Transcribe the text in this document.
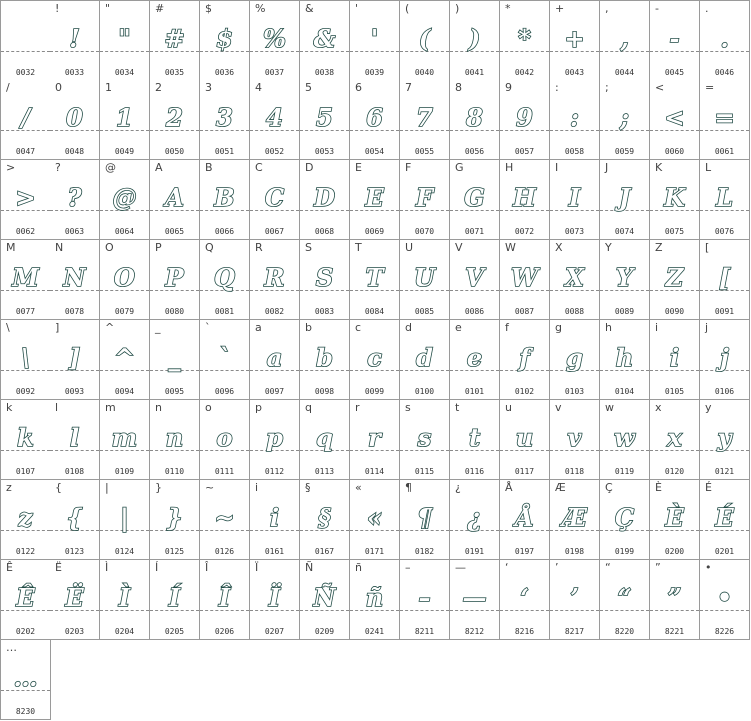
0032
!
!
0033
"
"
0034
#
#
0035
$
$
0036
%
%
0037
&
&
0038
'
'
0039
(
(
0040
)
)
0041
*
*
0042
+
+
0043
,
,
0044
-
-
0045
.
.
0046
/
/
0047
0
0
0048
1
1
0049
2
2
0050
3
3
0051
4
4
0052
5
5
0053
6
6
0054
7
7
0055
8
8
0056
9
9
0057
:
:
0058
;
;
0059
<
<
0060
=
=
0061
>
>
0062
?
?
0063
@
@
0064
A
A
0065
B
B
0066
C
C
0067
D
D
0068
E
E
0069
F
F
0070
G
G
0071
H
H
0072
I
I
0073
J
J
0074
K
K
0075
L
L
0076
M
M
0077
N
N
0078
O
O
0079
P
P
0080
Q
Q
0081
R
R
0082
S
S
0083
T
T
0084
U
U
0085
V
V
0086
W
W
0087
X
X
0088
Y
Y
0089
Z
Z
0090
[
[
0091
\
\
0092
]
]
0093
^
^
0094
_
_
0095
`
`
0096
a
a
0097
b
b
0098
c
c
0099
d
d
0100
e
e
0101
f
f
0102
g
g
0103
h
h
0104
i
i
0105
j
j
0106
k
k
0107
l
l
0108
m
m
0109
n
n
0110
o
o
0111
p
p
0112
q
q
0113
r
r
0114
s
s
0115
t
t
0116
u
u
0117
v
v
0118
w
w
0119
x
x
0120
y
y
0121
z
z
0122
{
{
0123
|
|
0124
}
}
0125
~
~
0126
i
i
0161
§
§
0167
«
«
0171
¶
¶
0182
¿
¿
0191
Å
Å
0197
Æ
Æ
0198
Ç
Ç
0199
È
È
0200
É
É
0201
Ê
Ê
0202
Ë
Ë
0203
Ì
Ì
0204
Í
Í
0205
Î
Î
0206
Ï
Ï
0207
Ñ
Ñ
0209
ñ
ñ
0241
–
–
8211
—
—
8212
‘
‘
8216
’
’
8217
“
“
8220
”
”
8221
•
•
8226
…
…
8230
